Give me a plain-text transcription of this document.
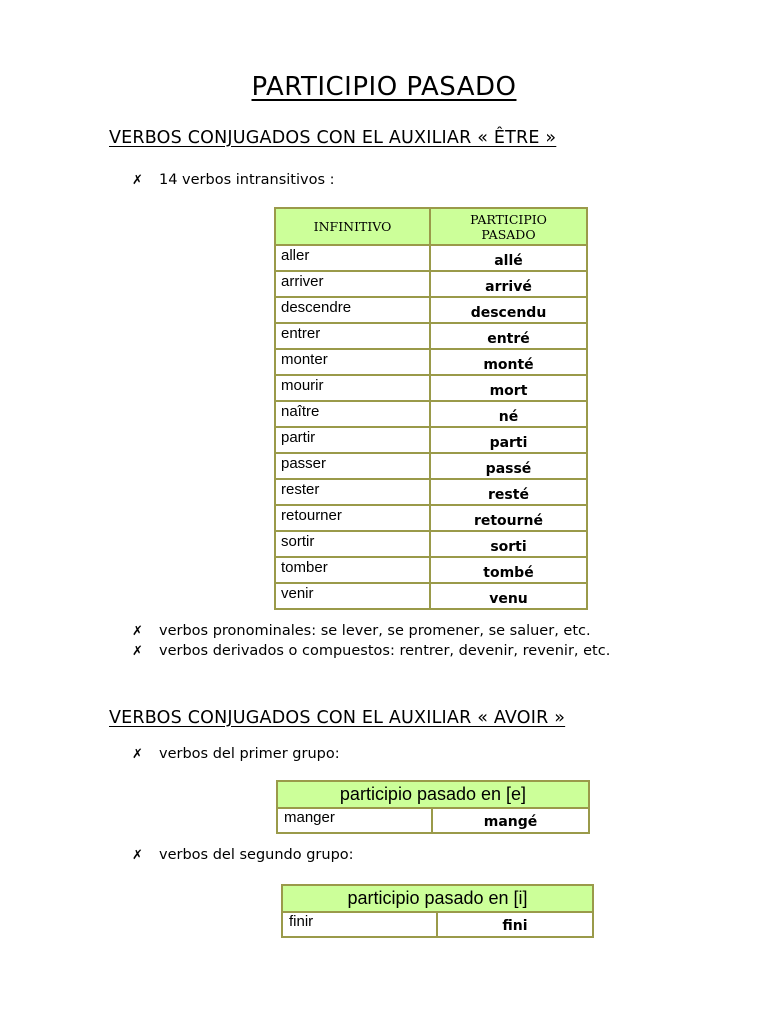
PARTICIPIO PASADO
VERBOS CONJUGADOS CON EL AUXILIAR « ÊTRE »
✗	14 verbos intransitivos :
INFINITIVO	PARTICIPIO
PASADO
aller	allé
arriver	arrivé
descendre	descendu
entrer	entré
monter	monté
mourir	mort
naître	né
partir	parti
passer	passé
rester	resté
retourner	retourné
sortir	sorti
tomber	tombé
venir	venu
✗	verbos pronominales: se lever, se promener, se saluer, etc.
✗	verbos derivados o compuestos: rentrer, devenir, revenir, etc.
VERBOS CONJUGADOS CON EL AUXILIAR « AVOIR »
✗	verbos del primer grupo:
participio pasado en [e]
manger	mangé
✗	verbos del segundo grupo:
participio pasado en [i]
finir	fini
